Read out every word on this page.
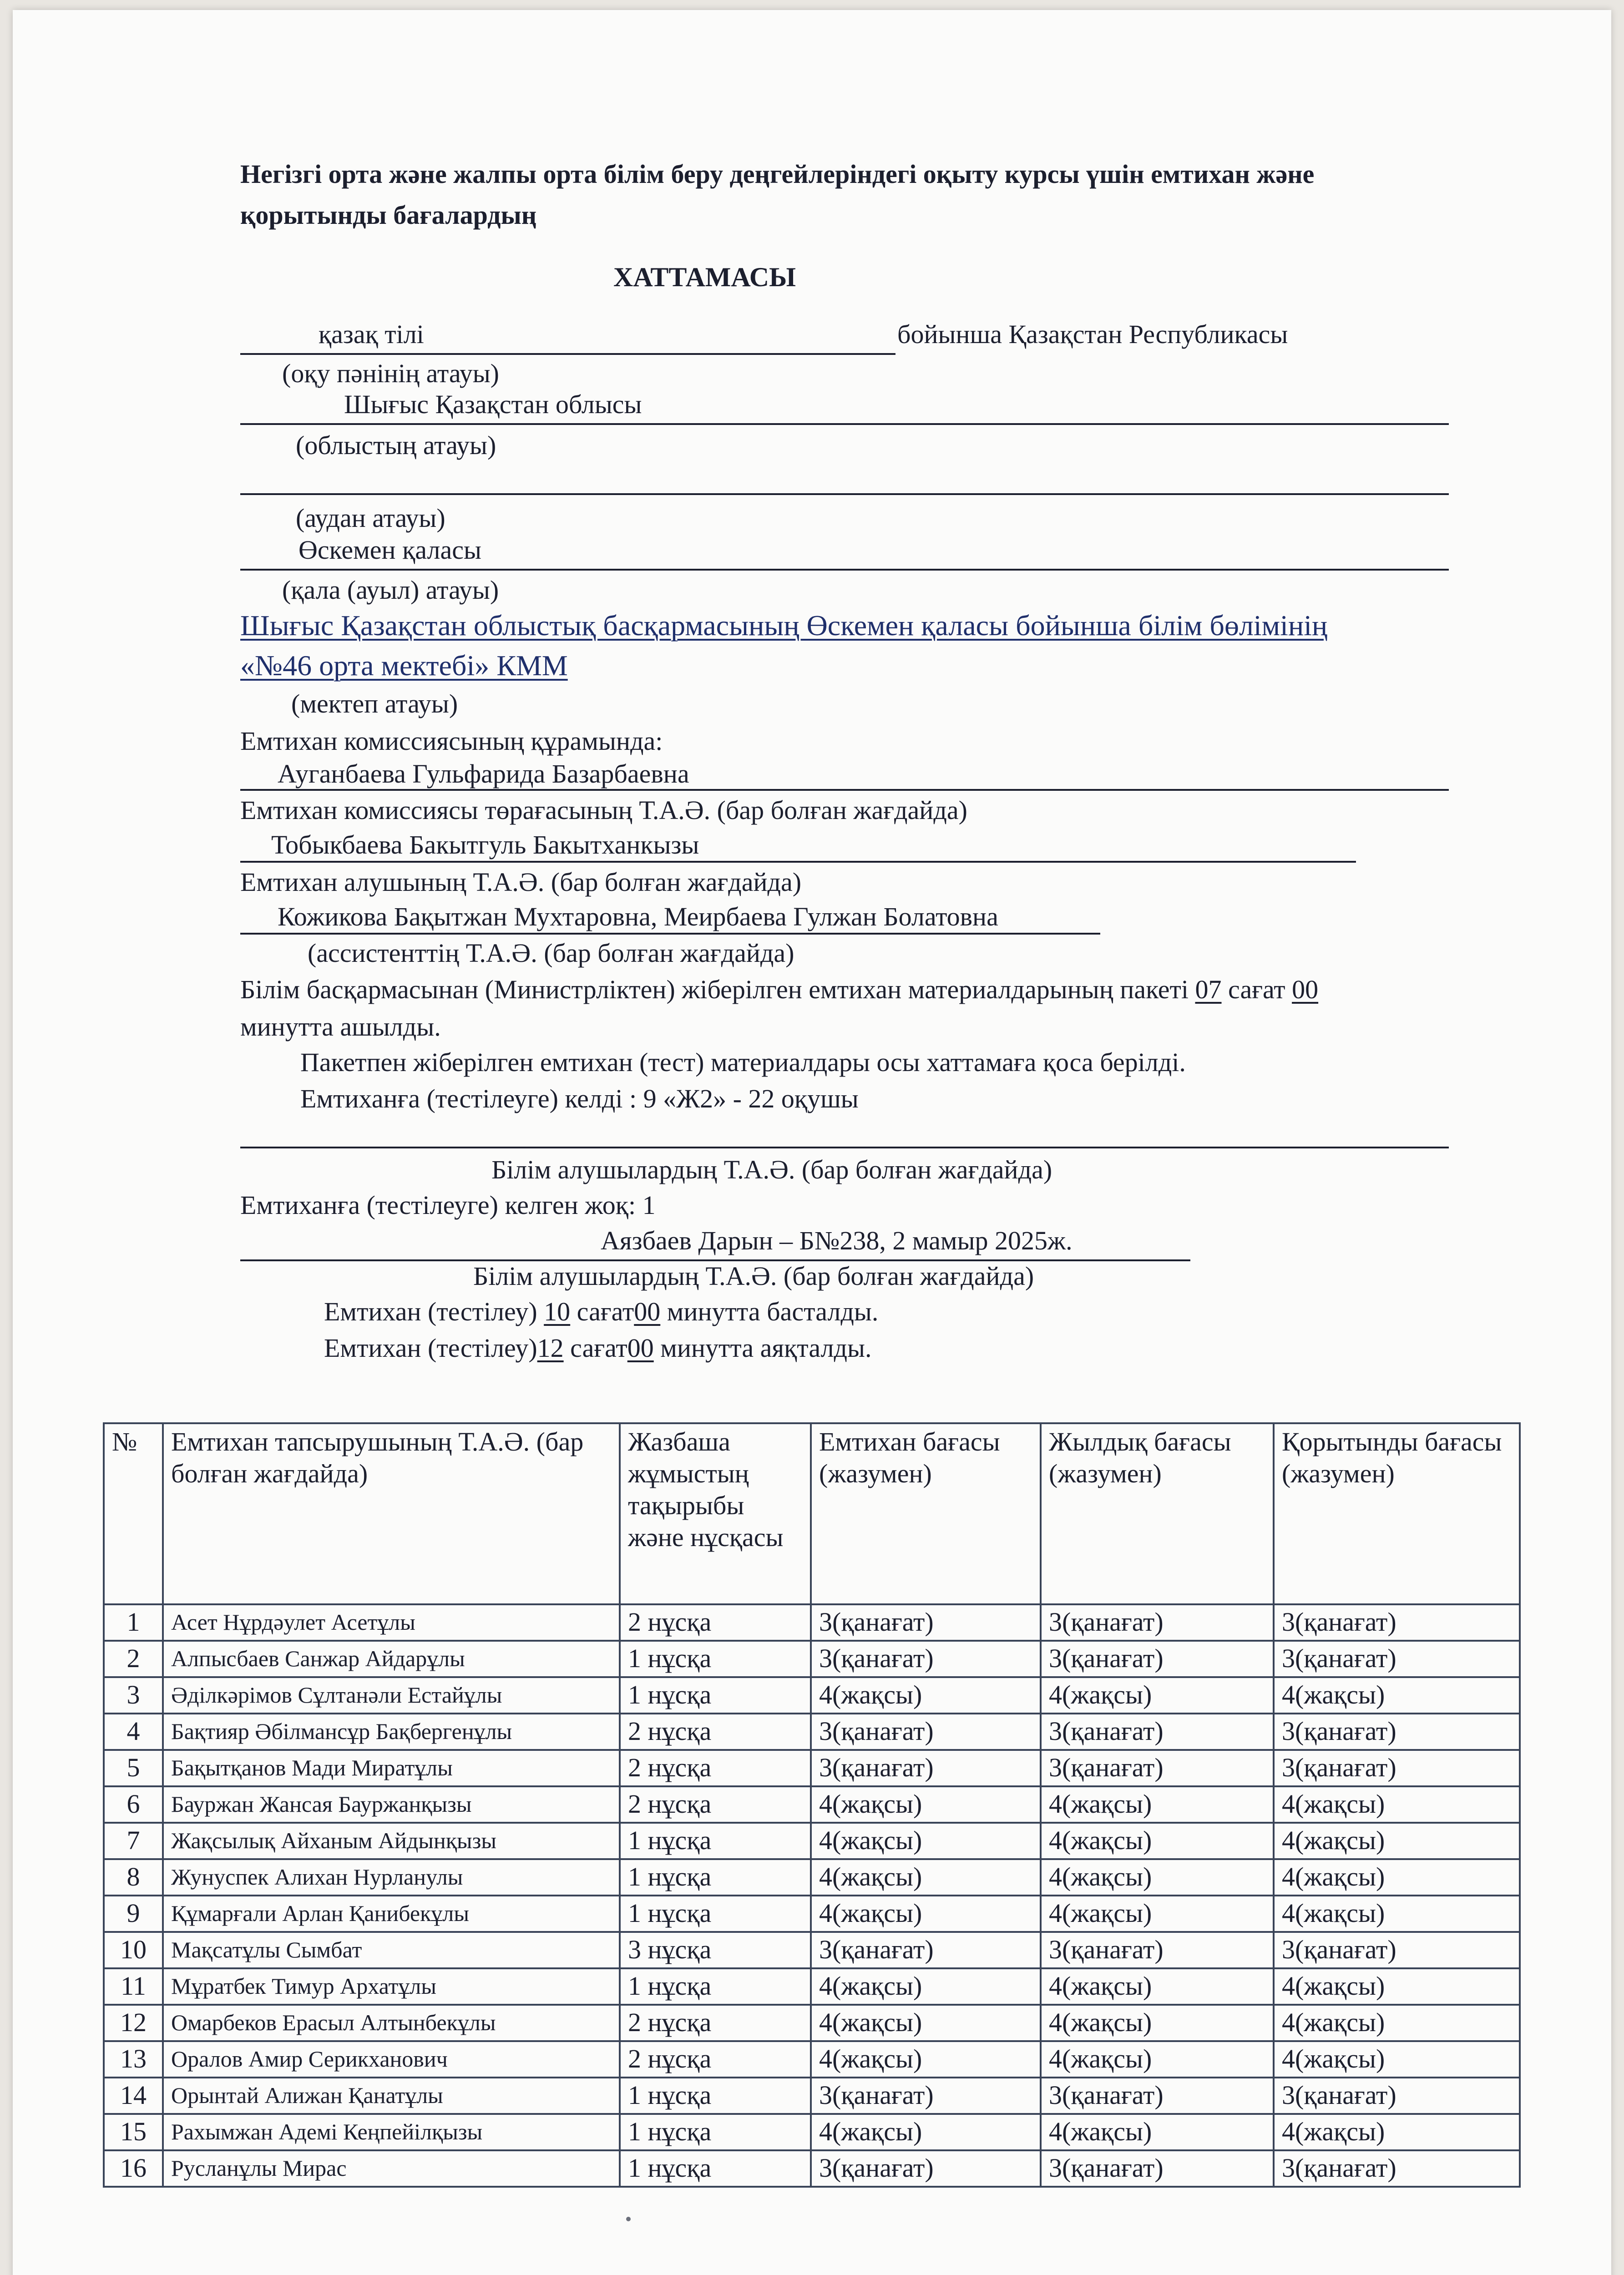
Негізгі орта және жалпы орта білім беру деңгейлеріндегі оқыту курсы үшін емтихан және
қорытынды бағалардың
ХАТТАМАСЫ
қазақ тілі	бойынша Қазақстан Республикасы
(оқу пәнінің атауы)
Шығыс Қазақстан облысы
(облыстың атауы)
(аудан атауы)
Өскемен қаласы
(қала (ауыл) атауы)
Шығыс Қазақстан облыстық басқармасының Өскемен қаласы бойынша білім бөлімінің
«№46 орта мектебі» КММ
(мектеп атауы)
Емтихан комиссиясының құрамында:
Ауганбаева Гульфарида Базарбаевна
Емтихан комиссиясы төрағасының Т.А.Ә. (бар болған жағдайда)
Тобыкбаева Бакытгуль Бакытханкызы
Емтихан алушының Т.А.Ә. (бар болған жағдайда)
Кожикова Бақытжан Мухтаровна, Меирбаева Гулжан Болатовна
(ассистенттің Т.А.Ә. (бар болған жағдайда)
Білім басқармасынан (Министрліктен) жіберілген емтихан материалдарының пакеті 07 сағат 00
минутта ашылды.
Пакетпен жіберілген емтихан (тест) материалдары осы хаттамаға қоса берілді.
Емтиханға (тестілеуге) келді : 9 «Ж2» - 22 оқушы
Білім алушылардың Т.А.Ә. (бар болған жағдайда)
Емтиханға (тестілеуге) келген жоқ: 1
Аязбаев Дарын – Б№238, 2 мамыр 2025ж.
Білім алушылардың Т.А.Ә. (бар болған жағдайда)
Емтихан (тестілеу) 10 сағат00 минутта басталды.
Емтихан (тестілеу)12 сағат00 минутта аяқталды.
№	Емтихан тапсырушының Т.А.Ә. (бар болған жағдайда)	Жазбаша жұмыстың тақырыбы және нұсқасы	Емтихан бағасы (жазумен)	Жылдық бағасы (жазумен)	Қорытынды бағасы (жазумен)
1	Асет Нұрдәулет Асетұлы	2 нұсқа	3(қанағат)	3(қанағат)	3(қанағат)
2	Алпысбаев Санжар Айдарұлы	1 нұсқа	3(қанағат)	3(қанағат)	3(қанағат)
3	Әділкәрімов Сұлтанәли Естайұлы	1 нұсқа	4(жақсы)	4(жақсы)	4(жақсы)
4	Бақтияр Әбілмансұр Бақбергенұлы	2 нұсқа	3(қанағат)	3(қанағат)	3(қанағат)
5	Бақытқанов Мади Миратұлы	2 нұсқа	3(қанағат)	3(қанағат)	3(қанағат)
6	Бауржан Жансая Бауржанқызы	2 нұсқа	4(жақсы)	4(жақсы)	4(жақсы)
7	Жақсылық Айханым Айдынқызы	1 нұсқа	4(жақсы)	4(жақсы)	4(жақсы)
8	Жунуспек Алихан Нурланулы	1 нұсқа	4(жақсы)	4(жақсы)	4(жақсы)
9	Құмарғали Арлан Қанибекұлы	1 нұсқа	4(жақсы)	4(жақсы)	4(жақсы)
10	Мақсатұлы Сымбат	3 нұсқа	3(қанағат)	3(қанағат)	3(қанағат)
11	Мұратбек Тимур Архатұлы	1 нұсқа	4(жақсы)	4(жақсы)	4(жақсы)
12	Омарбеков Ерасыл Алтынбекұлы	2 нұсқа	4(жақсы)	4(жақсы)	4(жақсы)
13	Оралов Амир Серикханович	2 нұсқа	4(жақсы)	4(жақсы)	4(жақсы)
14	Орынтай Алижан Қанатұлы	1 нұсқа	3(қанағат)	3(қанағат)	3(қанағат)
15	Рахымжан Адемі Кеңпейілқызы	1 нұсқа	4(жақсы)	4(жақсы)	4(жақсы)
16	Русланұлы Мирас	1 нұсқа	3(қанағат)	3(қанағат)	3(қанағат)
